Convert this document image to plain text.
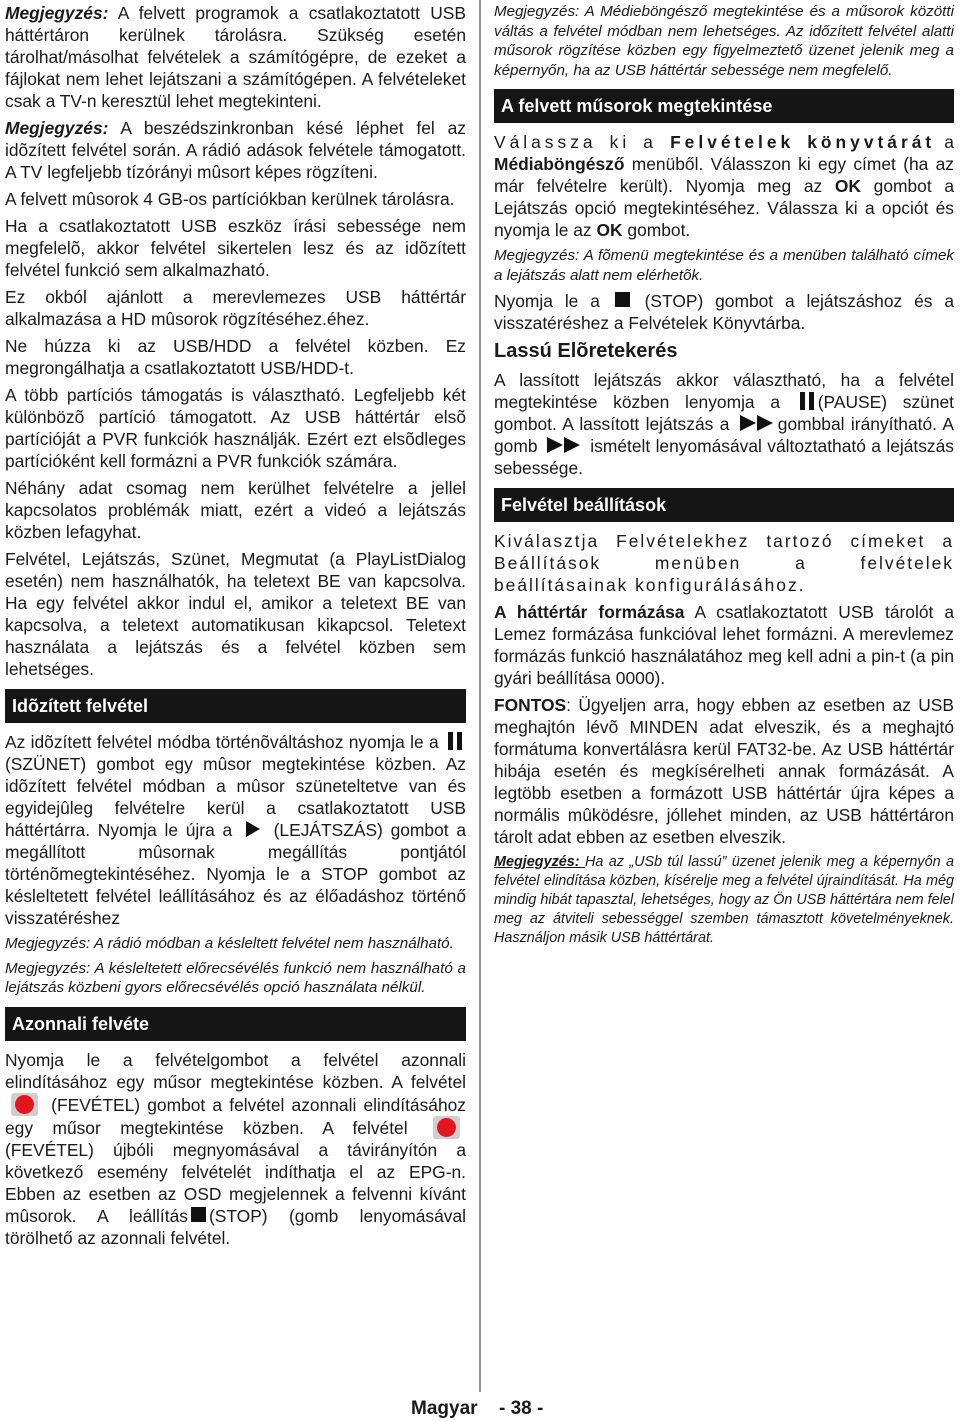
Megjegyzés: A felvett programok a csatlakoztatott USB háttértáron kerülnek tárolásra. Szükség esetén tárolhat/másolhat felvételek a számítógépre, de ezeket a fájlokat nem lehet lejátszani a számítógépen. A felvételeket csak a TV-n keresztül lehet megtekinteni.

Megjegyzés: A beszédszinkronban késé léphet fel az idõzített felvétel során. A rádió adások felvétele támogatott. A TV legfeljebb tízórányi mûsort képes rögzíteni.

A felvett mûsorok 4 GB-os partíciókban kerülnek tárolásra.

Ha a csatlakoztatott USB eszköz írási sebessége nem megfelelõ, akkor felvétel sikertelen lesz és az idõzített felvétel funkció sem alkalmazható.

Ez okból ajánlott a merevlemezes USB háttértár alkalmazása a HD mûsorok rögzítéséhez.éhez.

Ne húzza ki az USB/HDD a felvétel közben. Ez megrongálhatja a csatlakoztatott USB/HDD-t.

A több partíciós támogatás is választható. Legfeljebb két különbözõ partíció támogatott. Az USB háttértár elsõ partícióját a PVR funkciók használják. Ezért ezt elsõdleges partícióként kell formázni a PVR funkciók számára.

Néhány adat csomag nem kerülhet felvételre a jellel kapcsolatos problémák miatt, ezért a videó a lejátszás közben lefagyhat.

Felvétel, Lejátszás, Szünet, Megmutat (a PlayListDialog esetén) nem használhatók, ha teletext BE van kapcsolva. Ha egy felvétel akkor indul el, amikor a teletext BE van kapcsolva, a teletext automatikusan kikapcsol. Teletext használata a lejátszás és a felvétel közben sem lehetséges.

Idõzített felvétel

Az idõzített felvétel módba történõváltáshoz nyomja le a (SZÜNET) gombot egy mûsor megtekintése közben. Az idõzített felvétel módban a mûsor szüneteltetve van és egyidejûleg felvételre kerül a csatlakoztatott USB háttértárra. Nyomja le újra a  (LEJÁTSZÁS) gombot a megállított mûsornak megállítás pontjától történõmegtekintéséhez. Nyomja le a STOP gombot az késleltetett felvétel leállításához és az élőadáshoz történő visszatéréshez

Megjegyzés: A rádió módban a késleltett felvétel nem használható.

Megjegyzés: A késleltetett előrecsévélés funkció nem használható a lejátszás közbeni gyors előrecsévélés opció használata nélkül.

Azonnali felvéte

Nyomja le a felvételgombot a felvétel azonnali elindításához egy műsor megtekintése közben. A felvétel  (FEVÉTEL) gombot a felvétel azonnali elindításához egy műsor megtekintése közben. A felvétel  (FEVÉTEL) újbóli megnyomásával a távirányítón a következő esemény felvételét indíthatja el az EPG-n. Ebben az esetben az OSD megjelennek a felvenni kívánt mûsorok. A leállítás (STOP) (gomb lenyomásával törölhető az azonnali felvétel.

Megjegyzés: A Médieböngésző megtekintése és a műsorok közötti váltás a felvétel módban nem lehetséges. Az időzített felvétel alatti műsorok rögzítése közben egy figyelmeztető üzenet jelenik meg a képernyőn, ha az USB háttértár sebessége nem megfelelő.

A felvett műsorok megtekintése

Válassza ki a Felvételek könyvtárát a Médiaböngésző menüből. Válasszon ki egy címet (ha az már felvételre került). Nyomja meg az OK gombot a Lejátszás opció megtekintéséhez. Válassza ki a opciót és nyomja le az OK gombot.

Megjegyzés: A fõmenü megtekintése és a menüben található címek a lejátszás alatt nem elérhetõk.

Nyomja le a  (STOP) gombot a lejátszáshoz és a visszatéréshez a Felvételek Könyvtárba.

Lassú Elõretekerés

A lassított lejátszás akkor választható, ha a felvétel megtekintése közben lenyomja a (PAUSE) szünet gombot. A lassított lejátszás a gombbal irányítható. A gomb  ismételt lenyomásával változtatható a lejátszás sebessége.

Felvétel beállítások

Kiválasztja Felvételekhez tartozó címeket a Beállítások menüben a felvételek beállításainak konfigurálásához.

A háttértár formázása A csatlakoztatott USB tárolót a Lemez formázása funkcióval lehet formázni. A merevlemez formázás funkció használatához meg kell adni a pin-t (a pin gyári beállítása 0000).

FONTOS: Ügyeljen arra, hogy ebben az esetben az USB meghajtón lévõ MINDEN adat elveszik, és a meghajtó formátuma konvertálásra kerül FAT32-be. Az USB háttértár hibája esetén és megkísérelheti annak formázását. A legtöbb esetben a formázott USB háttértár újra képes a normális mûködésre, jóllehet minden, az USB háttértáron tárolt adat ebben az esetben elveszik.

Megjegyzés: Ha az „USb túl lassú” üzenet jelenik meg a képernyőn a felvétel elindítása közben, kísérelje meg a felvétel újraindítását. Ha még mindig hibát tapasztal, lehetséges, hogy az Ön USB háttértára nem felel meg az átviteli sebességgel szemben támasztott követelményeknek. Használjon másik USB háttértárat.

Magyar - 38 -
